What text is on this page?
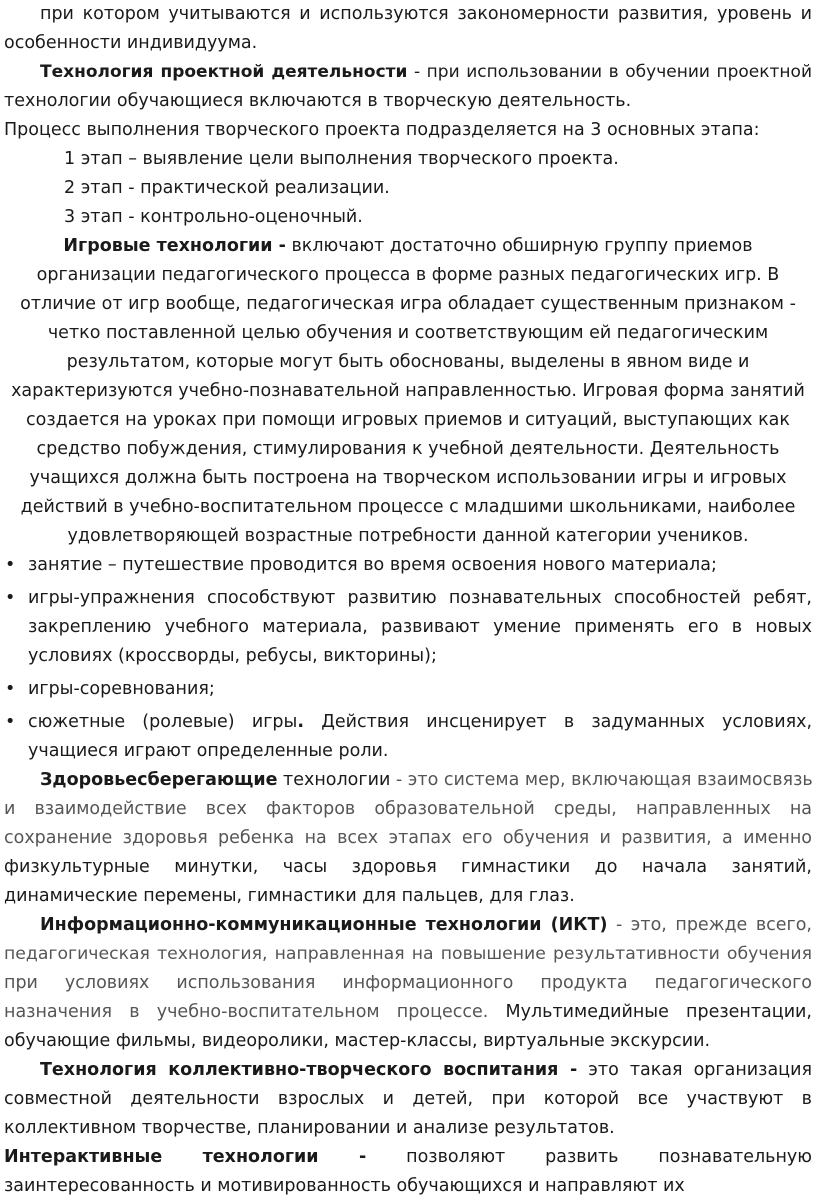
при котором учитываются и используются закономерности развития, уровень и
особенности индивидуума.
Технология проектной деятельности - при использовании в обучении проектной
технологии обучающиеся включаются в творческую деятельность.
Процесс выполнения творческого проекта подразделяется на 3 основных этапа:
1 этап – выявление цели выполнения творческого проекта.
2 этап - практической реализации.
3 этап - контрольно-оценочный.
Игровые технологии - включают достаточно обширную группу приемов
организации педагогического процесса в форме разных педагогических игр. В
отличие от игр вообще, педагогическая игра обладает существенным признаком -
четко поставленной целью обучения и соответствующим ей педагогическим
результатом, которые могут быть обоснованы, выделены в явном виде и
характеризуются учебно-познавательной направленностью. Игровая форма занятий
создается на уроках при помощи игровых приемов и ситуаций, выступающих как
средство побуждения, стимулирования к учебной деятельности. Деятельность
учащихся должна быть построена на творческом использовании игры и игровых
действий в учебно-воспитательном процессе с младшими школьниками, наиболее
удовлетворяющей возрастные потребности данной категории учеников.
• занятие – путешествие проводится во время освоения нового материала;
• игры-упражнения способствуют развитию познавательных способностей ребят,
закреплению учебного материала, развивают умение применять его в новых
условиях (кроссворды, ребусы, викторины);
• игры-соревнования;
• сюжетные (ролевые) игры. Действия инсценирует в задуманных условиях,
учащиеся играют определенные роли.
Здоровьесберегающие технологии - это система мер, включающая взаимосвязь
и взаимодействие всех факторов образовательной среды, направленных на
сохранение здоровья ребенка на всех этапах его обучения и развития, а именно
физкультурные минутки, часы здоровья гимнастики до начала занятий,
динамические перемены, гимнастики для пальцев, для глаз.
Информационно-коммуникационные технологии (ИКТ) - это, прежде всего,
педагогическая технология, направленная на повышение результативности обучения
при условиях использования информационного продукта педагогического
назначения в учебно-воспитательном процессе. Мультимедийные презентации,
обучающие фильмы, видеоролики, мастер-классы, виртуальные экскурсии.
Технология коллективно-творческого воспитания - это такая организация
совместной деятельности взрослых и детей, при которой все участвуют в
коллективном творчестве, планировании и анализе результатов.
Интерактивные технологии - позволяют развить познавательную
заинтересованность и мотивированность обучающихся и направляют их
